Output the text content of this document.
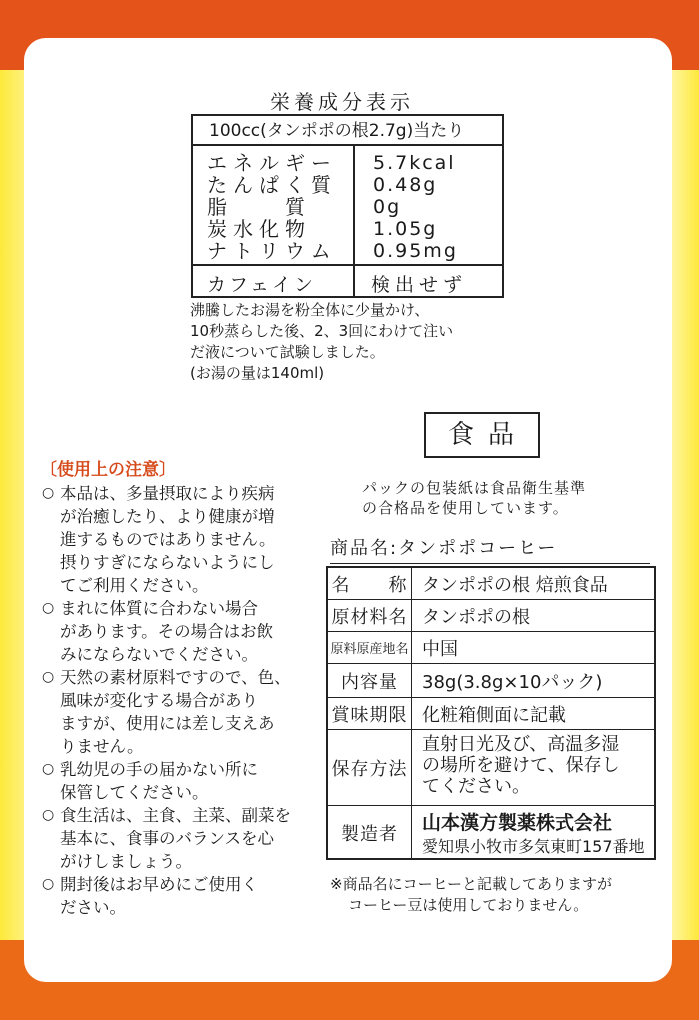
栄養成分表示
100cc(タンポポの根2.7g)当たり
エネルギー 5.7kcal
たんぱく質 0.48g
脂　　質	0g
炭水化物	1.05g
ナトリウム 0.95mg
カフェイン	検出せず
沸騰したお湯を粉全体に少量かけ、
10秒蒸らした後、2、3回にわけて注い
だ液について試験しました。
(お湯の量は140ml)
食品
パックの包装紙は食品衛生基準
の合格品を使用しています。
〔使用上の注意〕
○ 本品は、多量摂取により疾病
が治癒したり、より健康が増
進するものではありません。
摂りすぎにならないようにし
てご利用ください。
○ まれに体質に合わない場合
があります。その場合はお飲
みにならないでください。
○ 天然の素材原料ですので、色、
風味が変化する場合があり
ますが、使用には差し支えあ
りません。
○ 乳幼児の手の届かない所に
保管してください。
○ 食生活は、主食、主菜、副菜を
基本に、食事のバランスを心
がけしましょう。
○ 開封後はお早めにご使用く
ださい。
商品名:タンポポコーヒー
名　　称 タンポポの根 焙煎食品
原材料名 タンポポの根
原料原産地名 中国
内容量	38g(3.8g×10パック)
賞味期限 化粧箱側面に記載
保存方法
直射日光及び、高温多湿
の場所を避けて、保存し
てください。
製造者
山本漢方製薬株式会社
愛知県小牧市多気東町157番地
※商品名にコーヒーと記載してありますが
コーヒー豆は使用しておりません。
